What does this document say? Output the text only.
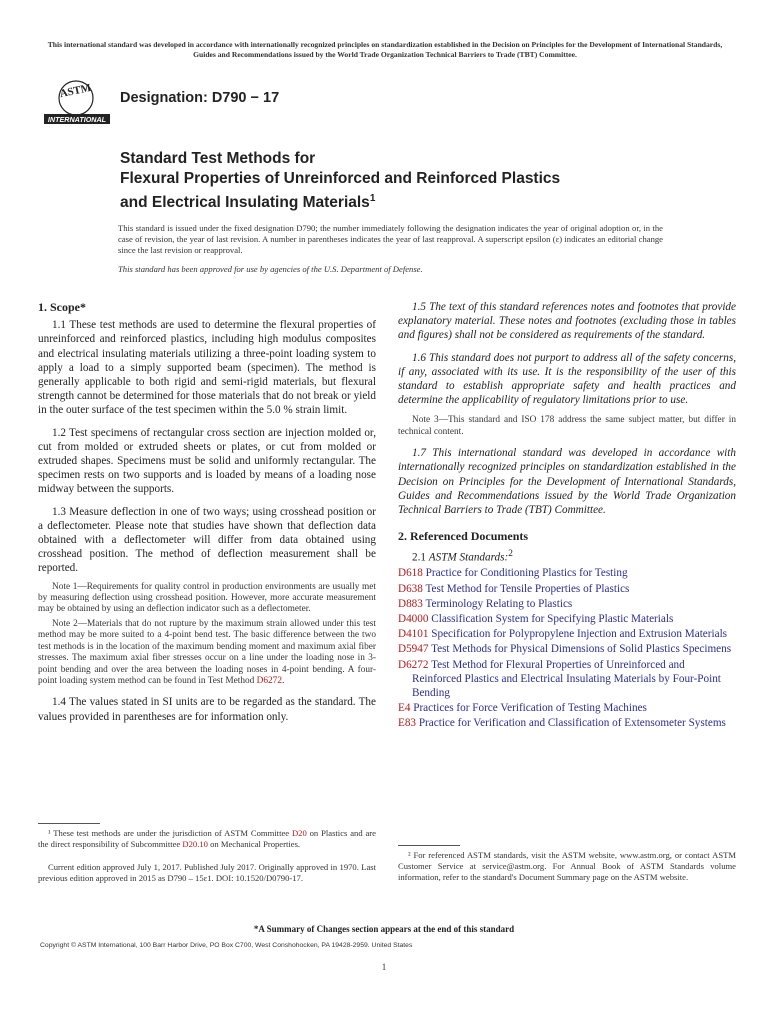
This international standard was developed in accordance with internationally recognized principles on standardization established in the Decision on Principles for the Development of International Standards, Guides and Recommendations issued by the World Trade Organization Technical Barriers to Trade (TBT) Committee.
ASTM
INTERNATIONAL
Designation: D790 − 17
Standard Test Methods for
Flexural Properties of Unreinforced and Reinforced Plastics
and Electrical Insulating Materials$^1$
This standard is issued under the fixed designation D790; the number immediately following the designation indicates the year of original adoption or, in the case of revision, the year of last revision. A number in parentheses indicates the year of last reapproval. A superscript epsilon (ε) indicates an editorial change since the last revision or reapproval.
This standard has been approved for use by agencies of the U.S. Department of Defense.
1. Scope*

1.1 These test methods are used to determine the flexural properties of unreinforced and reinforced plastics, including high modulus composites and electrical insulating materials utilizing a three-point loading system to apply a load to a simply supported beam (specimen). The method is generally applicable to both rigid and semi-rigid materials, but flexural strength cannot be determined for those materials that do not break or yield in the outer surface of the test specimen within the 5.0 % strain limit.

1.2 Test specimens of rectangular cross section are injection molded or, cut from molded or extruded sheets or plates, or cut from molded or extruded shapes. Specimens must be solid and uniformly rectangular. The specimen rests on two supports and is loaded by means of a loading nose midway between the supports.

1.3 Measure deflection in one of two ways; using crosshead position or a deflectometer. Please note that studies have shown that deflection data obtained with a deflectometer will differ from data obtained using crosshead position. The method of deflection measurement shall be reported.

Note 1—Requirements for quality control in production environments are usually met by measuring deflection using crosshead position. However, more accurate measurement may be obtained by using an deflection indicator such as a deflectometer.

Note 2—Materials that do not rupture by the maximum strain allowed under this test method may be more suited to a 4-point bend test. The basic difference between the two test methods is in the location of the maximum bending moment and maximum axial fiber stresses. The maximum axial fiber stresses occur on a line under the loading nose in 3-point bending and over the area between the loading noses in 4-point bending. A four-point loading system method can be found in Test Method D6272.

1.4 The values stated in SI units are to be regarded as the standard. The values provided in parentheses are for information only.

1.5 The text of this standard references notes and footnotes that provide explanatory material. These notes and footnotes (excluding those in tables and figures) shall not be considered as requirements of the standard.

1.6 This standard does not purport to address all of the safety concerns, if any, associated with its use. It is the responsibility of the user of this standard to establish appropriate safety and health practices and determine the applicability of regulatory limitations prior to use.

Note 3—This standard and ISO 178 address the same subject matter, but differ in technical content.

1.7 This international standard was developed in accordance with internationally recognized principles on standardization established in the Decision on Principles for the Development of International Standards, Guides and Recommendations issued by the World Trade Organization Technical Barriers to Trade (TBT) Committee.

2. Referenced Documents

2.1 ASTM Standards:$^2$

D618 Practice for Conditioning Plastics for Testing
D638 Test Method for Tensile Properties of Plastics
D883 Terminology Relating to Plastics
D4000 Classification System for Specifying Plastic Materials
D4101 Specification for Polypropylene Injection and Extrusion Materials
D5947 Test Methods for Physical Dimensions of Solid Plastics Specimens
D6272 Test Method for Flexural Properties of Unreinforced and Reinforced Plastics and Electrical Insulating Materials by Four-Point Bending
E4 Practices for Force Verification of Testing Machines
E83 Practice for Verification and Classification of Extensometer Systems
¹ These test methods are under the jurisdiction of ASTM Committee D20 on Plastics and are the direct responsibility of Subcommittee D20.10 on Mechanical Properties.
Current edition approved July 1, 2017. Published July 2017. Originally approved in 1970. Last previous edition approved in 2015 as D790 – 15ε1. DOI: 10.1520/D0790-17.
² For referenced ASTM standards, visit the ASTM website, www.astm.org, or contact ASTM Customer Service at service@astm.org. For Annual Book of ASTM Standards volume information, refer to the standard's Document Summary page on the ASTM website.
*A Summary of Changes section appears at the end of this standard
Copyright © ASTM International, 100 Barr Harbor Drive, PO Box C700, West Conshohocken, PA 19428-2959. United States
1
